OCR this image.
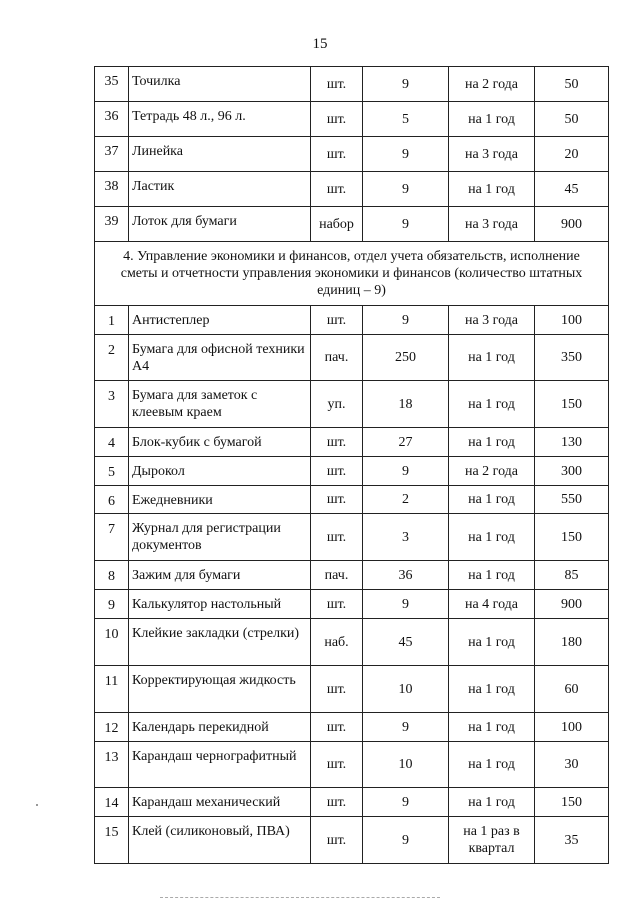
15
35	Точилка	шт.	9	на 2 года	50
36	Тетрадь 48 л., 96 л.	шт.	5	на 1 год	50
37	Линейка	шт.	9	на 3 года	20
38	Ластик	шт.	9	на 1 год	45
39	Лоток для бумаги	набор	9	на 3 года	900
4. Управление экономики и финансов, отдел учета обязательств, исполнение сметы и отчетности управления экономики и финансов (количество штатных единиц – 9)					
1	Антистеплер	шт.	9	на 3 года	100
2	Бумага для офисной техники А4	пач.	250	на 1 год	350
3	Бумага для заметок с клеевым краем	уп.	18	на 1 год	150
4	Блок-кубик с бумагой	шт.	27	на 1 год	130
5	Дырокол	шт.	9	на 2 года	300
6	Ежедневники	шт.	2	на 1 год	550
7	Журнал для регистрации документов	шт.	3	на 1 год	150
8	Зажим для бумаги	пач.	36	на 1 год	85
9	Калькулятор настольный	шт.	9	на 4 года	900
10	Клейкие закладки (стрелки)	наб.	45	на 1 год	180
11	Корректирующая жидкость	шт.	10	на 1 год	60
12	Календарь перекидной	шт.	9	на 1 год	100
13	Карандаш чернографитный	шт.	10	на 1 год	30
14	Карандаш механический	шт.	9	на 1 год	150
15	Клей (силиконовый, ПВА)	шт.	9	на 1 раз в квартал	35
